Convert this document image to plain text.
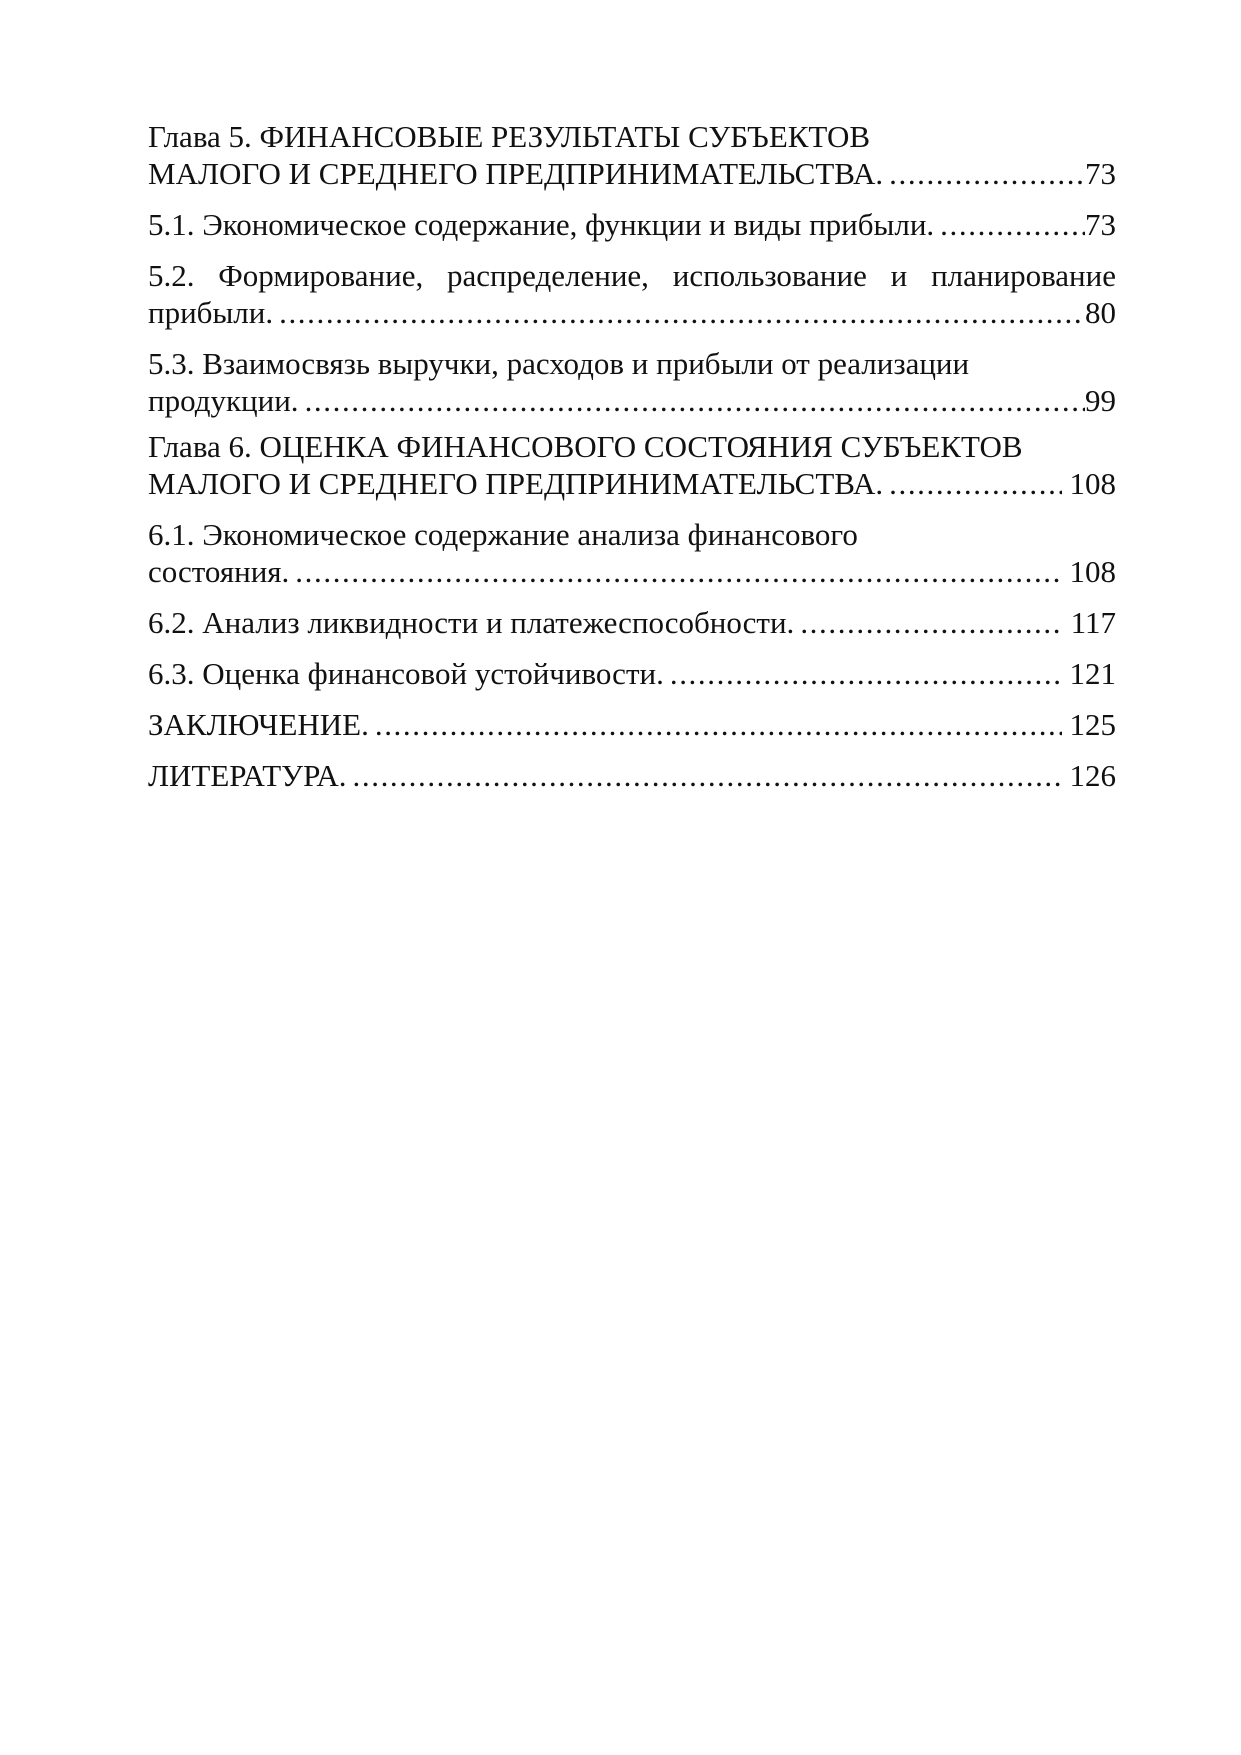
Глава 5. ФИНАНСОВЫЕ РЕЗУЛЬТАТЫ СУБЪЕКТОВ
МАЛОГО И СРЕДНЕГО ПРЕДПРИНИМАТЕЛЬСТВА. .....	73
5.1. Экономическое содержание, функции и виды прибыли. .....	73
5.2. Формирование, распределение, использование и планирование
прибыли. .....	80
5.3. Взаимосвязь выручки, расходов и прибыли от реализации
продукции. .....	99
Глава 6. ОЦЕНКА ФИНАНСОВОГО СОСТОЯНИЯ СУБЪЕКТОВ
МАЛОГО И СРЕДНЕГО ПРЕДПРИНИМАТЕЛЬСТВА. .....	108
6.1. Экономическое содержание анализа финансового
состояния. .....	108
6.2. Анализ ликвидности и платежеспособности. .....	117
6.3. Оценка финансовой устойчивости. .....	121
ЗАКЛЮЧЕНИЕ. .....	125
ЛИТЕРАТУРА. .....	126
